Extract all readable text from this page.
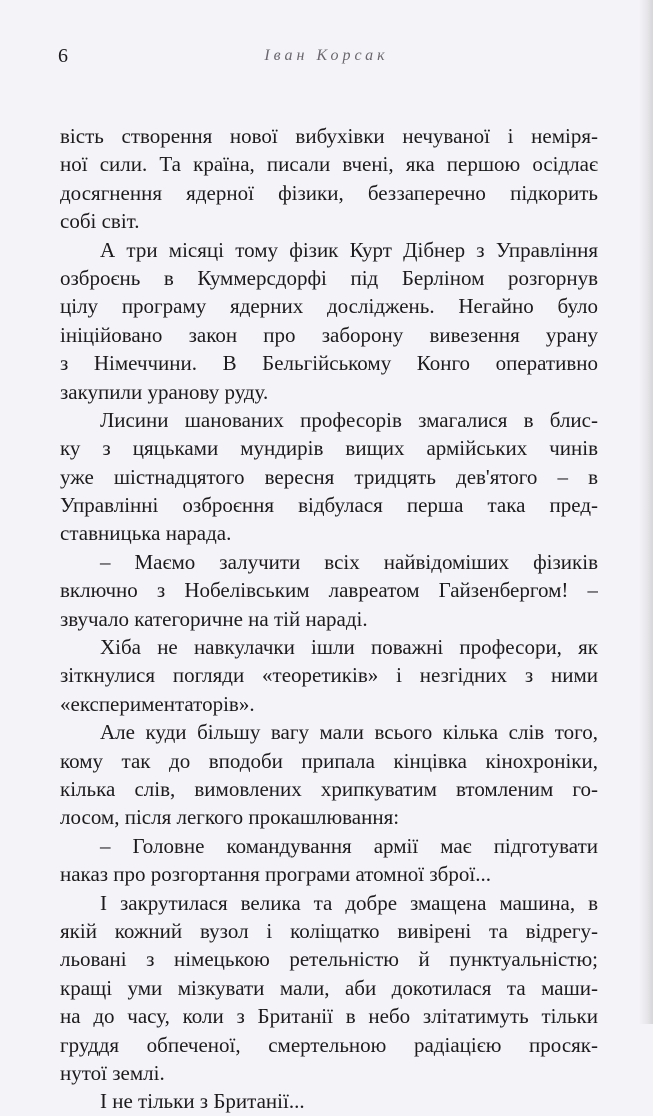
6	Іван Корсак
вість створення нової вибухівки нечуваної і неміря-
ної сили. Та країна, писали вчені, яка першою осідлає
досягнення ядерної фізики, беззаперечно підкорить
собі світ.
А три місяці тому фізик Курт Дібнер з Управління
озброєнь в Куммерсдорфі під Берліном розгорнув
цілу програму ядерних досліджень. Негайно було
ініційовано закон про заборону вивезення урану
з Німеччини. В Бельгійському Конго оперативно
закупили уранову руду.
Лисини шанованих професорів змагалися в блис-
ку з цяцьками мундирів вищих армійських чинів
уже шістнадцятого вересня тридцять дев'ятого – в
Управлінні озброєння відбулася перша така пред-
ставницька нарада.
– Маємо залучити всіх найвідоміших фізиків
включно з Нобелівським лавреатом Гайзенбергом! –
звучало категоричне на тій нараді.
Хіба не навкулачки ішли поважні професори, як
зіткнулися погляди «теоретиків» і незгідних з ними
«експериментаторів».
Але куди більшу вагу мали всього кілька слів того,
кому так до вподоби припала кінцівка кінохроніки,
кілька слів, вимовлених хрипкуватим втомленим го-
лосом, після легкого прокашлювання:
– Головне командування армії має підготувати
наказ про розгортання програми атомної зброї...
І закрутилася велика та добре змащена машина, в
якій кожний вузол і коліщатко вивірені та відрегу-
льовані з німецькою ретельністю й пунктуальністю;
кращі уми мізкувати мали, аби докотилася та маши-
на до часу, коли з Британії в небо злітатимуть тільки
груддя обпеченої, смертельною радіацією просяк-
нутої землі.
І не тільки з Британії...
